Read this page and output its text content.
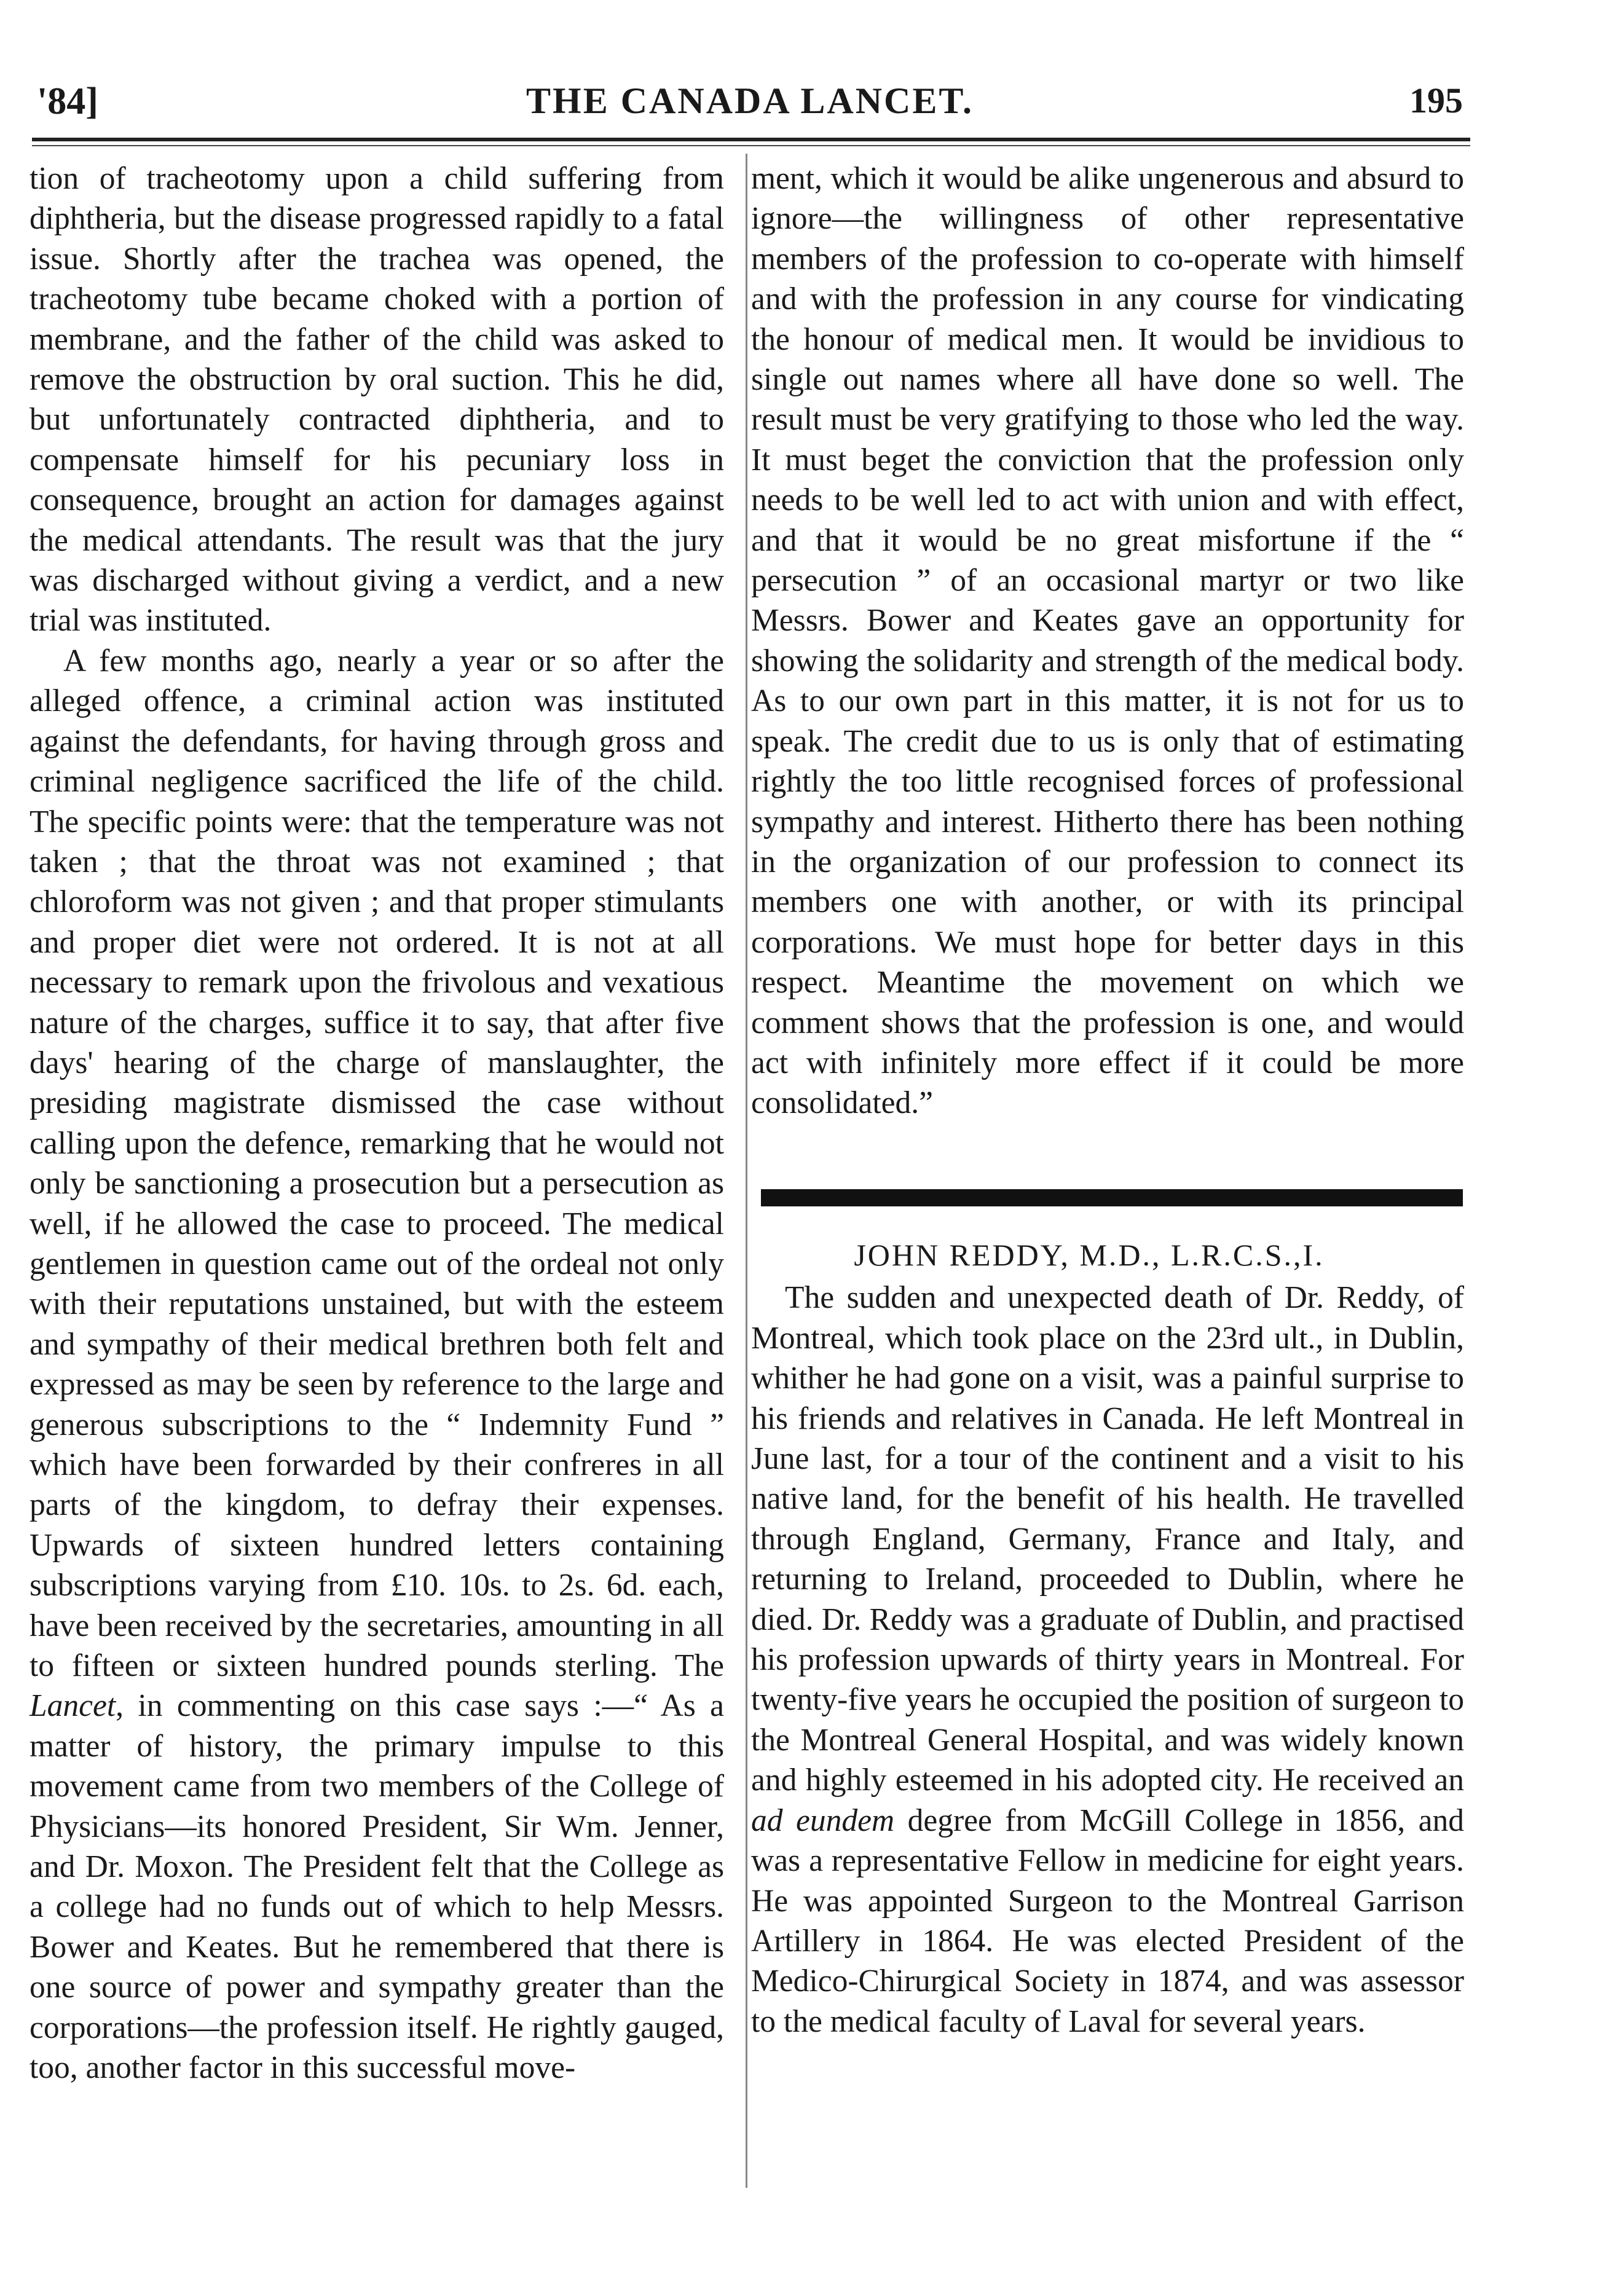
'84]	THE CANADA LANCET.	195

tion of tracheotomy upon a child suffering from diphtheria, but the disease progressed rapidly to a fatal issue. Shortly after the trachea was opened, the tracheotomy tube became choked with a portion of membrane, and the father of the child was asked to remove the obstruction by oral suction. This he did, but unfortunately contracted diphtheria, and to compensate himself for his pecuniary loss in consequence, brought an action for damages against the medical attendants. The result was that the jury was discharged without giving a verdict, and a new trial was instituted.

A few months ago, nearly a year or so after the alleged offence, a criminal action was instituted against the defendants, for having through gross and criminal negligence sacrificed the life of the child. The specific points were: that the temperature was not taken ; that the throat was not examined ; that chloroform was not given ; and that proper stimulants and proper diet were not ordered. It is not at all necessary to remark upon the frivolous and vexatious nature of the charges, suffice it to say, that after five days' hearing of the charge of manslaughter, the presiding magistrate dismissed the case without calling upon the defence, remarking that he would not only be sanctioning a prosecution but a persecution as well, if he allowed the case to proceed. The medical gentlemen in question came out of the ordeal not only with their reputations unstained, but with the esteem and sympathy of their medical brethren both felt and expressed as may be seen by reference to the large and generous subscriptions to the “ Indemnity Fund ” which have been forwarded by their confreres in all parts of the kingdom, to defray their expenses. Upwards of sixteen hundred letters containing subscriptions varying from £10. 10s. to 2s. 6d. each, have been received by the secretaries, amounting in all to fifteen or sixteen hundred pounds sterling. The Lancet, in commenting on this case says :—“ As a matter of history, the primary impulse to this movement came from two members of the College of Physicians—its honored President, Sir Wm. Jenner, and Dr. Moxon. The President felt that the College as a college had no funds out of which to help Messrs. Bower and Keates. But he remembered that there is one source of power and sympathy greater than the corporations—the profession itself. He rightly gauged, too, another factor in this successful move-

ment, which it would be alike ungenerous and absurd to ignore—the willingness of other representative members of the profession to co-operate with himself and with the profession in any course for vindicating the honour of medical men. It would be invidious to single out names where all have done so well. The result must be very gratifying to those who led the way. It must beget the conviction that the profession only needs to be well led to act with union and with effect, and that it would be no great misfortune if the “ persecution ” of an occasional martyr or two like Messrs. Bower and Keates gave an opportunity for showing the solidarity and strength of the medical body. As to our own part in this matter, it is not for us to speak. The credit due to us is only that of estimating rightly the too little recognised forces of professional sympathy and interest. Hitherto there has been nothing in the organization of our profession to connect its members one with another, or with its principal corporations. We must hope for better days in this respect. Meantime the movement on which we comment shows that the profession is one, and would act with infinitely more effect if it could be more consolidated.”

JOHN REDDY, M.D., L.R.C.S.,I.

The sudden and unexpected death of Dr. Reddy, of Montreal, which took place on the 23rd ult., in Dublin, whither he had gone on a visit, was a painful surprise to his friends and relatives in Canada. He left Montreal in June last, for a tour of the continent and a visit to his native land, for the benefit of his health. He travelled through England, Germany, France and Italy, and returning to Ireland, proceeded to Dublin, where he died. Dr. Reddy was a graduate of Dublin, and practised his profession upwards of thirty years in Montreal. For twenty-five years he occupied the position of surgeon to the Montreal General Hospital, and was widely known and highly esteemed in his adopted city. He received an ad eundem degree from McGill College in 1856, and was a representative Fellow in medicine for eight years. He was appointed Surgeon to the Montreal Garrison Artillery in 1864. He was elected President of the Medico-Chirurgical Society in 1874, and was assessor to the medical faculty of Laval for several years.
